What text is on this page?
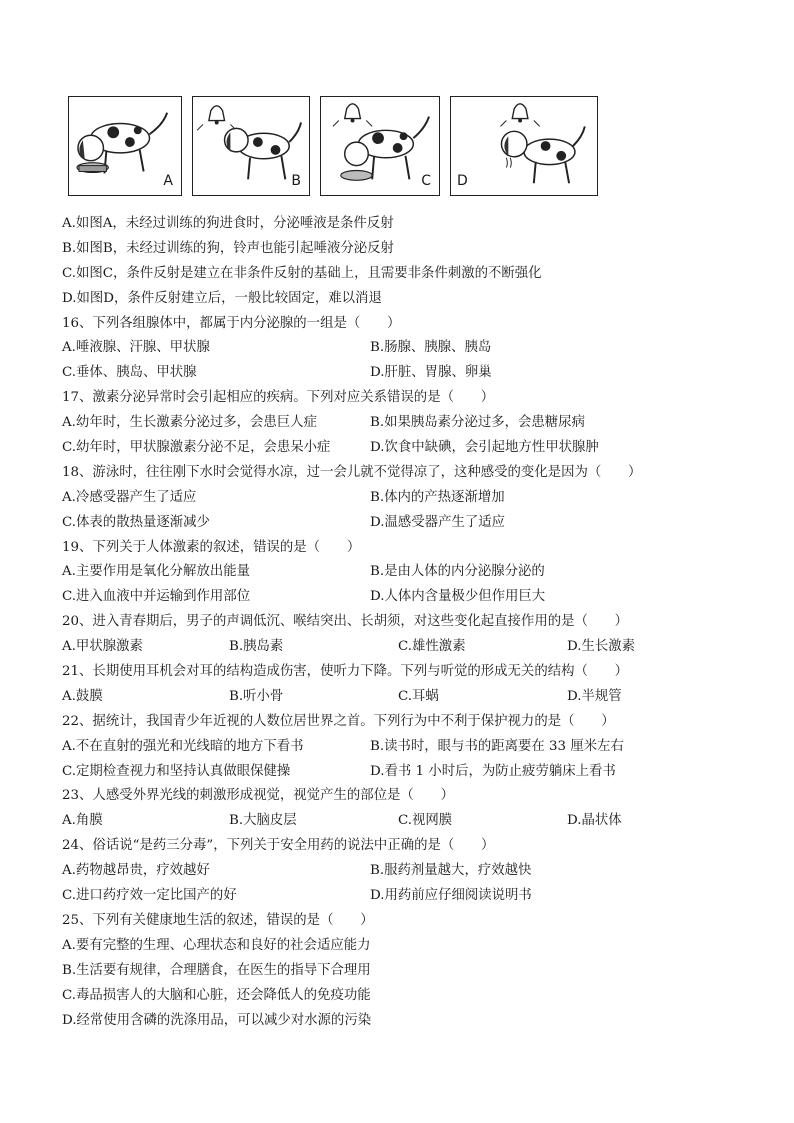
A	B	C D
A.如图A，未经过训练的狗进食时，分泌唾液是条件反射
B.如图B，未经过训练的狗，铃声也能引起唾液分泌反射
C.如图C，条件反射是建立在非条件反射的基础上，且需要非条件刺激的不断强化
D.如图D，条件反射建立后，一般比较固定，难以消退
16、下列各组腺体中，都属于内分泌腺的一组是（　　）
A.唾液腺、汗腺、甲状腺	B.肠腺、胰腺、胰岛
C.垂体、胰岛、甲状腺	D.肝脏、胃腺、卵巢
17、激素分泌异常时会引起相应的疾病。下列对应关系错误的是（　　）
A.幼年时，生长激素分泌过多，会患巨人症	B.如果胰岛素分泌过多，会患糖尿病
C.幼年时，甲状腺激素分泌不足，会患呆小症	D.饮食中缺碘，会引起地方性甲状腺肿
18、游泳时，往往刚下水时会觉得水凉，过一会儿就不觉得凉了，这种感受的变化是因为（　　）
A.冷感受器产生了适应	B.体内的产热逐渐增加
C.体表的散热量逐渐减少	D.温感受器产生了适应
19、下列关于人体激素的叙述，错误的是（　　）
A.主要作用是氧化分解放出能量	B.是由人体的内分泌腺分泌的
C.进入血液中并运输到作用部位	D.人体内含量极少但作用巨大
20、进入青春期后，男子的声调低沉、喉结突出、长胡须，对这些变化起直接作用的是（　　）
A.甲状腺激素	B.胰岛素	C.雄性激素	D.生长激素
21、长期使用耳机会对耳的结构造成伤害，使听力下降。下列与听觉的形成无关的结构（　　）
A.鼓膜	B.听小骨	C.耳蜗	D.半规管
22、据统计，我国青少年近视的人数位居世界之首。下列行为中不利于保护视力的是（　　）
A.不在直射的强光和光线暗的地方下看书	B.读书时，眼与书的距离要在 33 厘米左右
C.定期检查视力和坚持认真做眼保健操	D.看书 1 小时后，为防止疲劳躺床上看书
23、人感受外界光线的刺激形成视觉，视觉产生的部位是（　　）
A.角膜	B.大脑皮层	C.视网膜	D.晶状体
24、俗话说“是药三分毒”，下列关于安全用药的说法中正确的是（　　）
A.药物越昂贵，疗效越好	B.服药剂量越大，疗效越快
C.进口药疗效一定比国产的好	D.用药前应仔细阅读说明书
25、下列有关健康地生活的叙述，错误的是（　　）
A.要有完整的生理、心理状态和良好的社会适应能力
B.生活要有规律，合理膳食，在医生的指导下合理用
C.毒品损害人的大脑和心脏，还会降低人的免疫功能
D.经常使用含磷的洗涤用品，可以减少对水源的污染
